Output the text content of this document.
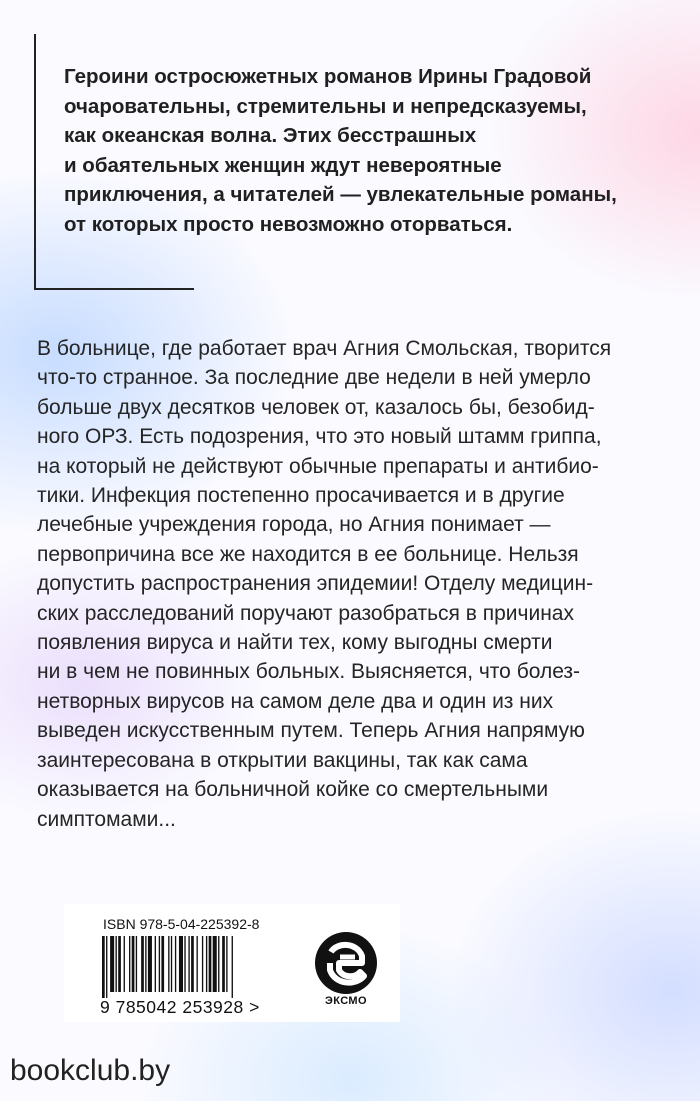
Героини остросюжетных романов Ирины Градовой
очаровательны, стремительны и непредсказуемы,
как океанская волна. Этих бесстрашных
и обаятельных женщин ждут невероятные
приключения, а читателей — увлекательные романы,
от которых просто невозможно оторваться.
В больнице, где работает врач Агния Смольская, творится
что-то странное. За последние две недели в ней умерло
больше двух десятков человек от, казалось бы, безобид-
ного ОРЗ. Есть подозрения, что это новый штамм гриппа,
на который не действуют обычные препараты и антибио-
тики. Инфекция постепенно просачивается и в другие
лечебные учреждения города, но Агния понимает —
первопричина все же находится в ее больнице. Нельзя
допустить распространения эпидемии! Отделу медицин-
ских расследований поручают разобраться в причинах
появления вируса и найти тех, кому выгодны смерти
ни в чем не повинных больных. Выясняется, что болез-
нетворных вирусов на самом деле два и один из них
выведен искусственным путем. Теперь Агния напрямую
заинтересована в открытии вакцины, так как сама
оказывается на больничной койке со смертельными
симптомами...
ISBN 978-5-04-225392-8
9 785042 253928 >	ЭКСМО
bookclub.by
